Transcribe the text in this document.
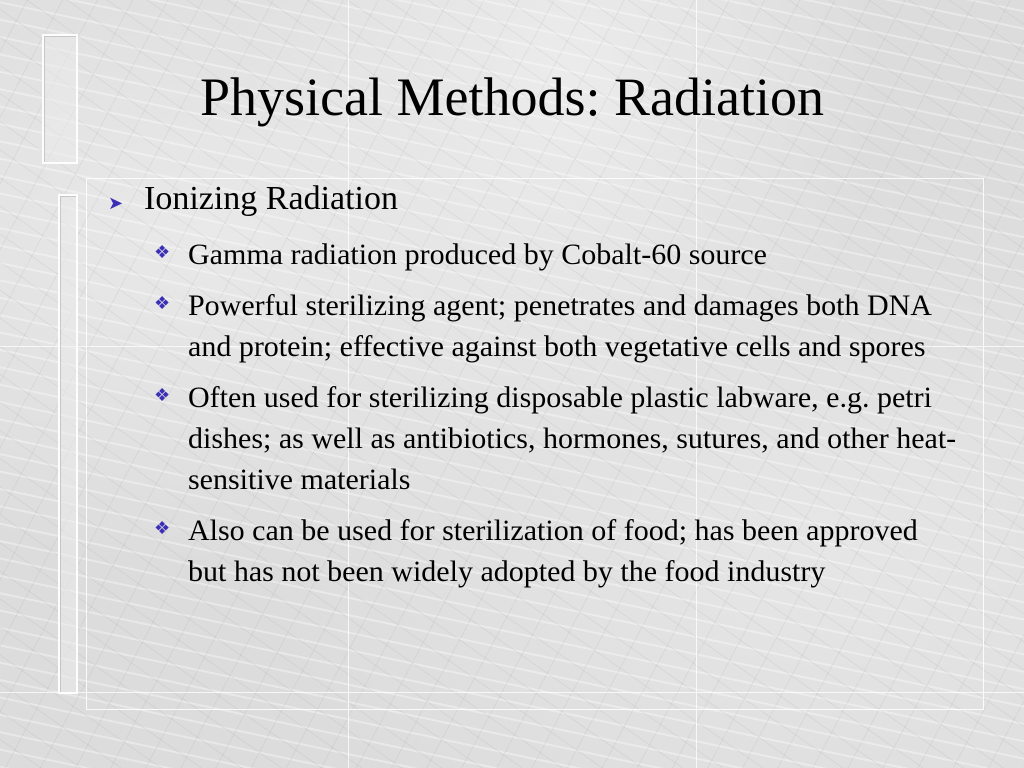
Physical Methods: Radiation
➤ Ionizing Radiation
❖ Gamma radiation produced by Cobalt-60 source
❖ Powerful sterilizing agent; penetrates and damages both DNA and protein; effective against both vegetative cells and spores
❖ Often used for sterilizing disposable plastic labware, e.g. petri dishes; as well as antibiotics, hormones, sutures, and other heat-sensitive materials
❖ Also can be used for sterilization of food; has been approved but has not been widely adopted by the food industry
